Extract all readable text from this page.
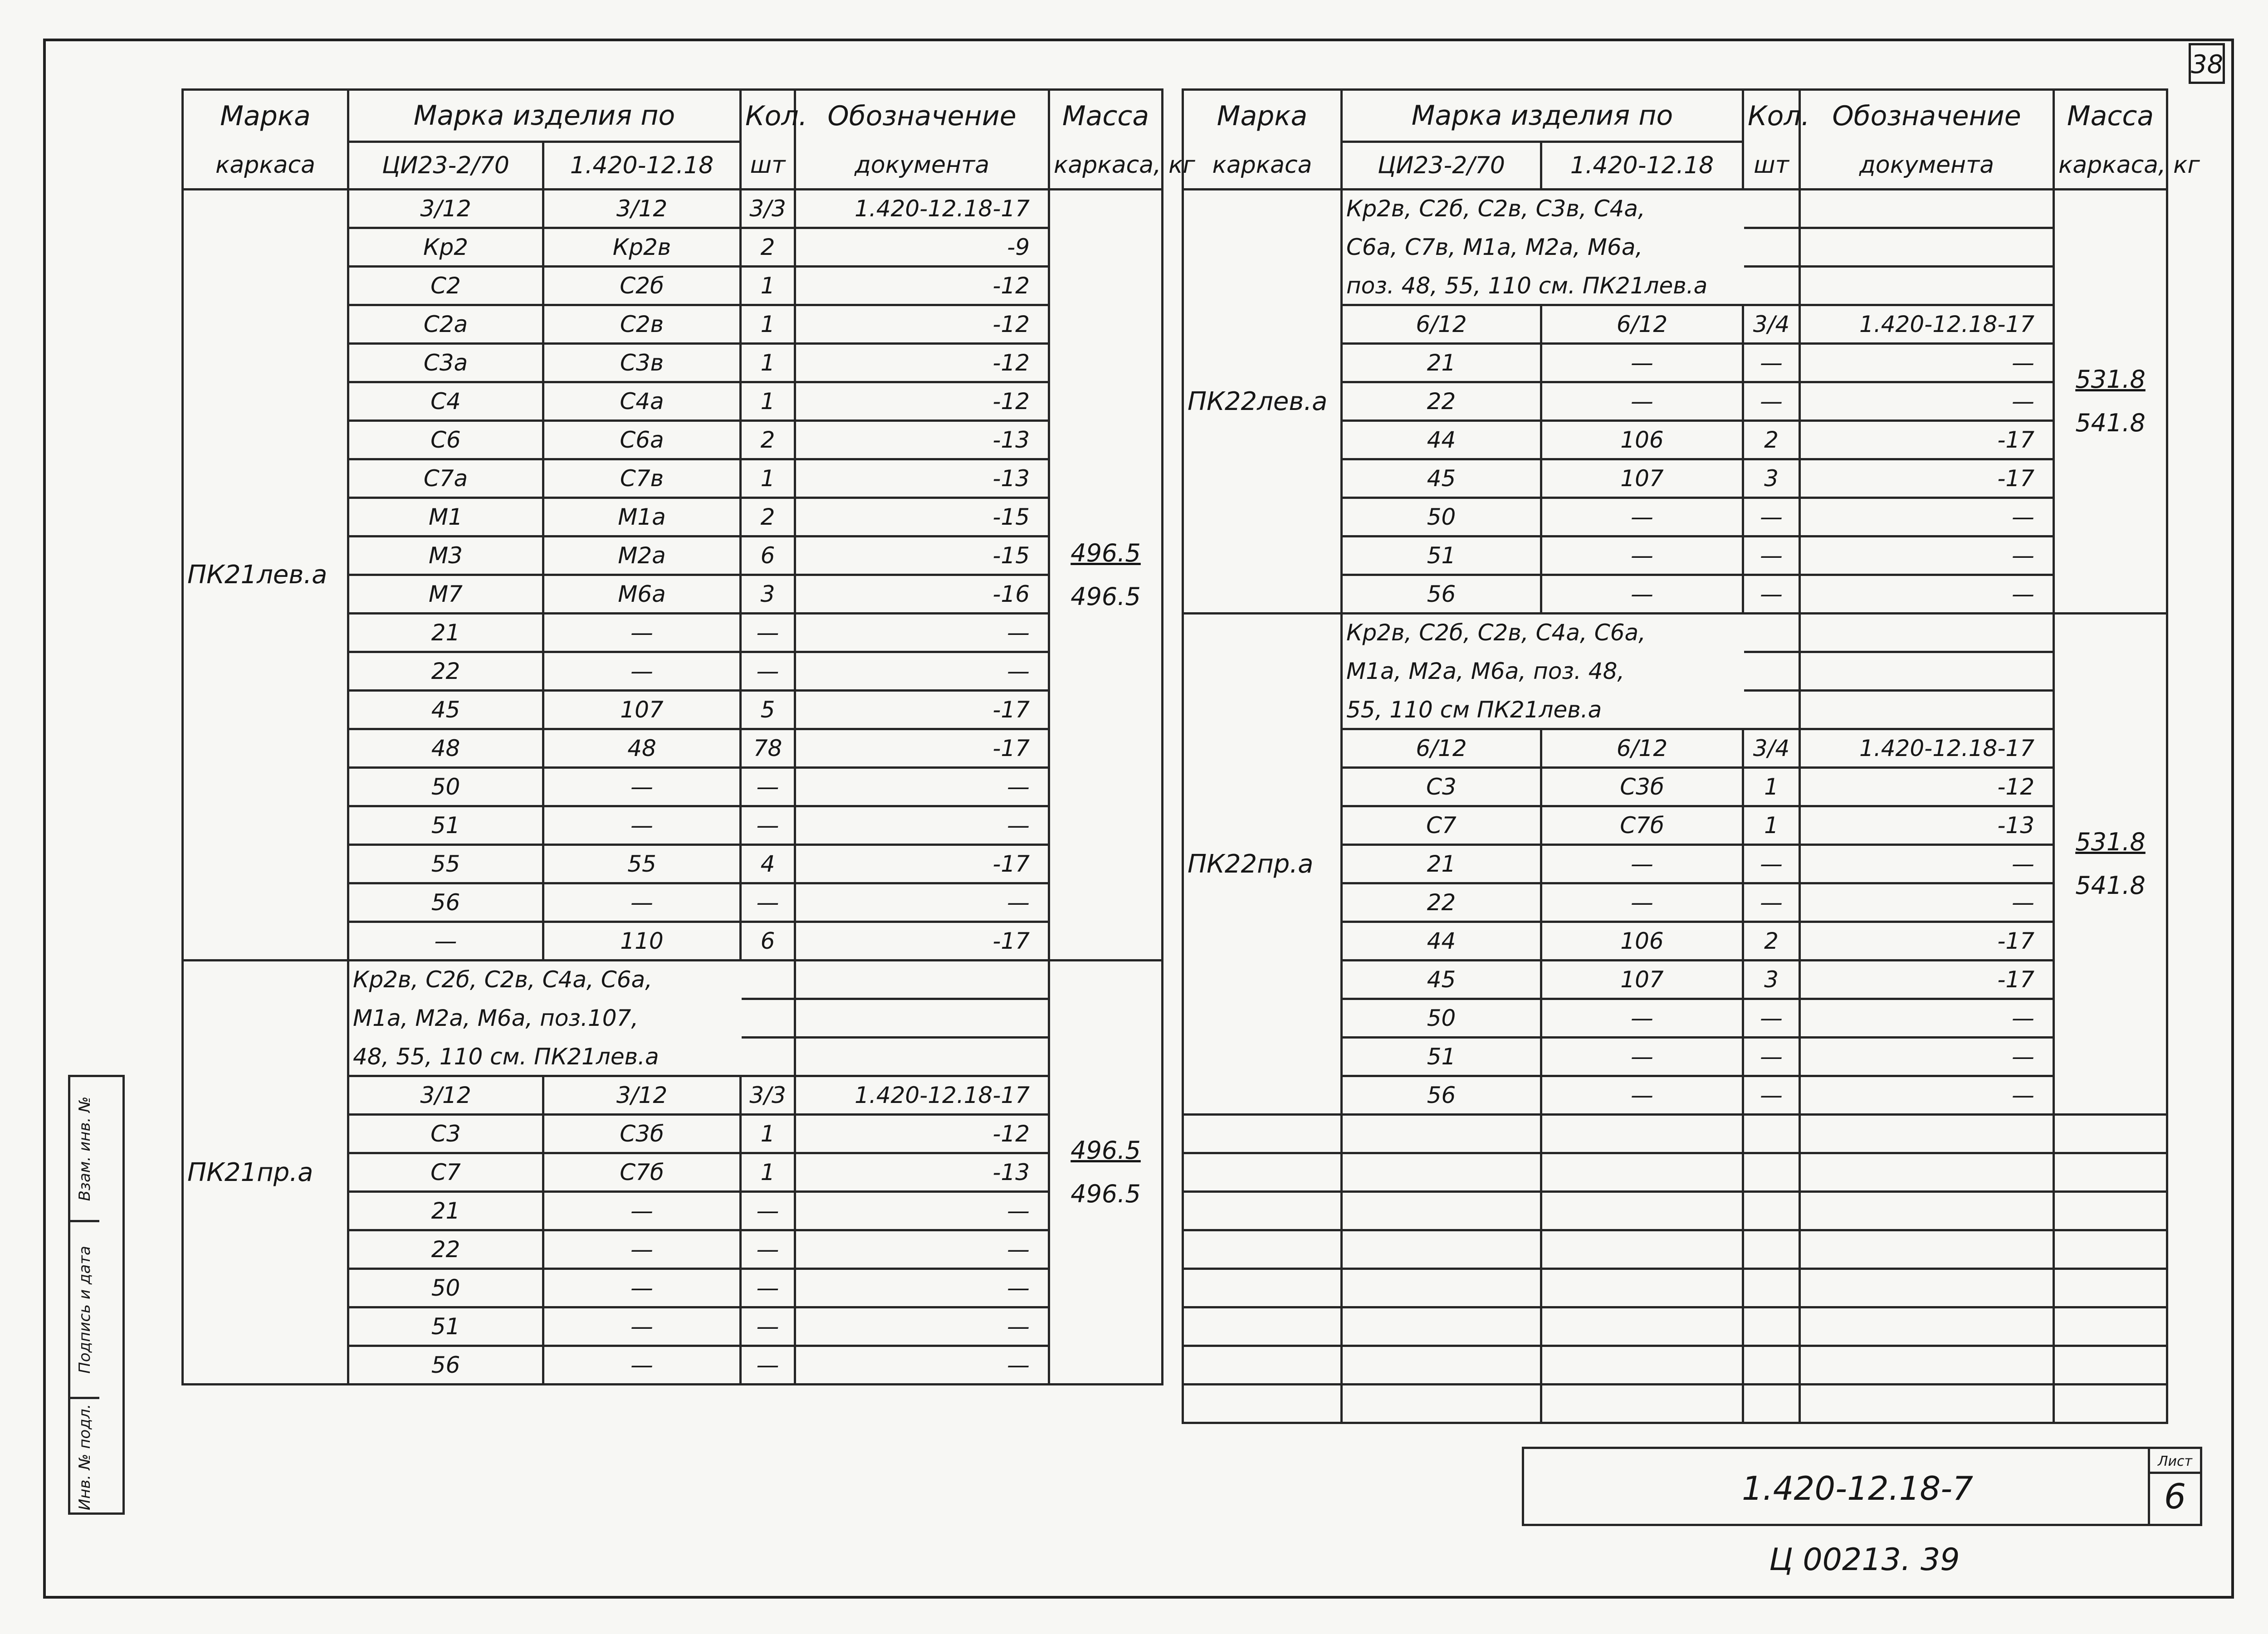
38
Марка	Марка изделия по		Кол.	Обозначение	Масса
каркаса	ЦИ23-2/70	1.420-12.18	шт	документа	каркаса, кг
ПК21лев.а	3/12	3/12	3/3	1.420-12.18-17	496.5
496.5

	Кр2	Кр2в	2	-9	
	С2	С2б	1	-12	
	С2а	С2в	1	-12	
	С3а	С3в	1	-12	
	С4	С4а	1	-12	
	С6	С6а	2	-13	
	С7а	С7в	1	-13	
	М1	М1а	2	-15	
	М3	М2а	6	-15	
	М7	М6а	3	-16	
	21	—	—	—	
	22	—	—	—	
	45	107	5	-17	
	48	48	78	-17	
	50	—	—	—	
	51	—	—	—	
	55	55	4	-17	
	56	—	—	—	
	—	110	6	-17	
ПК21пр.а	Кр2в, С2б, С2в, С4а, С6а,				496.5
496.5

	М1а, М2а, М6а, поз.107,				
	48, 55, 110 см. ПК21лев.а				
	3/12	3/12	3/3	1.420-12.18-17	
	С3	С3б	1	-12	
	С7	С7б	1	-13	
	21	—	—	—	
	22	—	—	—	
	50	—	—	—	
	51	—	—	—	
	56	—	—	—	
Марка	Марка изделия по		Кол.	Обозначение	Масса
каркаса	ЦИ23-2/70	1.420-12.18	шт	документа	каркаса, кг
ПК22лев.а	Кр2в, С2б, С2в, С3в, С4а,				531.8
541.8

	С6а, С7в, М1а, М2а, М6а,				
	поз. 48, 55, 110 см. ПК21лев.а				
	6/12	6/12	3/4	1.420-12.18-17	
	21	—	—	—	
	22	—	—	—	
	44	106	2	-17	
	45	107	3	-17	
	50	—	—	—	
	51	—	—	—	
	56	—	—	—	
ПК22пр.а	Кр2в, С2б, С2в, С4а, С6а,				531.8
541.8

	М1а, М2а, М6а, поз. 48,				
	55, 110 см ПК21лев.а				
	6/12	6/12	3/4	1.420-12.18-17	
	С3	С3б	1	-12	
	С7	С7б	1	-13	
	21	—	—	—	
	22	—	—	—	
	44	106	2	-17	
	45	107	3	-17	
	50	—	—	—	
	51	—	—	—	
	56	—	—	—	

Взам. инв. №
Подпись и дата
Инв. № подл.	1.420-12.18-7
Лист
6
Ц 00213. 39
